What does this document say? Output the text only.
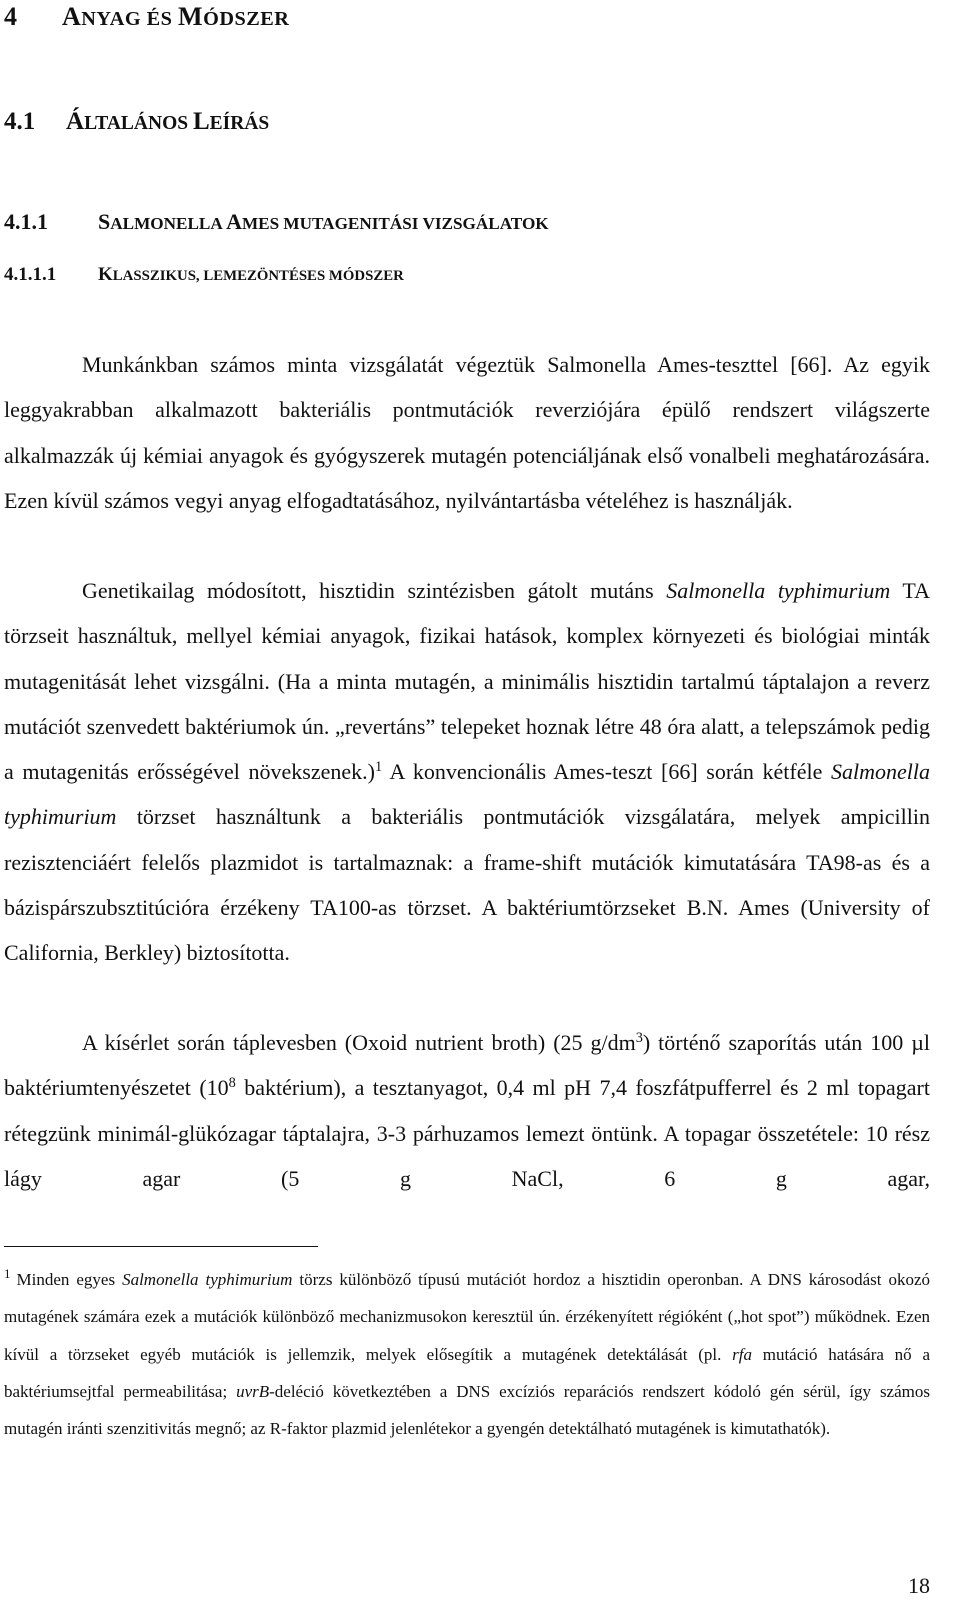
4 ANYAG ÉS MÓDSZER
4.1 ÁLTALÁNOS LEÍRÁS
4.1.1 SALMONELLA AMES MUTAGENITÁSI VIZSGÁLATOK
4.1.1.1 KLASSZIKUS, LEMEZÖNTÉSES MÓDSZER

Munkánkban számos minta vizsgálatát végeztük Salmonella Ames-teszttel [66]. Az egyik leggyakrabban alkalmazott bakteriális pontmutációk reverziójára épülő rendszert világszerte alkalmazzák új kémiai anyagok és gyógyszerek mutagén potenciáljának első vonalbeli meghatározására. Ezen kívül számos vegyi anyag elfogadtatásához, nyilvántartásba vételéhez is használják.

Genetikailag módosított, hisztidin szintézisben gátolt mutáns Salmonella typhimurium TA törzseit használtuk, mellyel kémiai anyagok, fizikai hatások, komplex környezeti és biológiai minták mutagenitását lehet vizsgálni. (Ha a minta mutagén, a minimális hisztidin tartalmú táptalajon a reverz mutációt szenvedett baktériumok ún. „revertáns” telepeket hoznak létre 48 óra alatt, a telepszámok pedig a mutagenitás erősségével növekszenek.)$^1$ A konvencionális Ames-teszt [66] során kétféle Salmonella typhimurium törzset használtunk a bakteriális pontmutációk vizsgálatára, melyek ampicillin rezisztenciáért felelős plazmidot is tartalmaznak: a frame-shift mutációk kimutatására TA98-as és a bázispárszubsztitúcióra érzékeny TA100-as törzset. A baktériumtörzseket B.N. Ames (University of California, Berkley) biztosította.

A kísérlet során táplevesben (Oxoid nutrient broth) (25 $g/dm^3$) történő szaporítás után 100 µl baktériumtenyészetet ($10^8$ baktérium), a tesztanyagot, 0,4 ml pH 7,4 foszfátpufferrel és 2 ml topagart rétegzünk minimál-glükózagar táptalajra, 3-3 párhuzamos lemezt öntünk. A topagar összetétele: 10 rész lágy agar (5 g NaCl, 6 g agar,

$^1$ Minden egyes Salmonella typhimurium törzs különböző típusú mutációt hordoz a hisztidin operonban. A DNS károsodást okozó mutagének számára ezek a mutációk különböző mechanizmusokon keresztül ún. érzékenyített régióként („hot spot”) működnek. Ezen kívül a törzseket egyéb mutációk is jellemzik, melyek elősegítik a mutagének detektálását (pl. rfa mutáció hatására nő a baktériumsejtfal permeabilitása; uvrB-deléció következtében a DNS excíziós reparációs rendszert kódoló gén sérül, így számos mutagén iránti szenzitivitás megnő; az R-faktor plazmid jelenlétekor a gyengén detektálható mutagének is kimutathatók).

18
